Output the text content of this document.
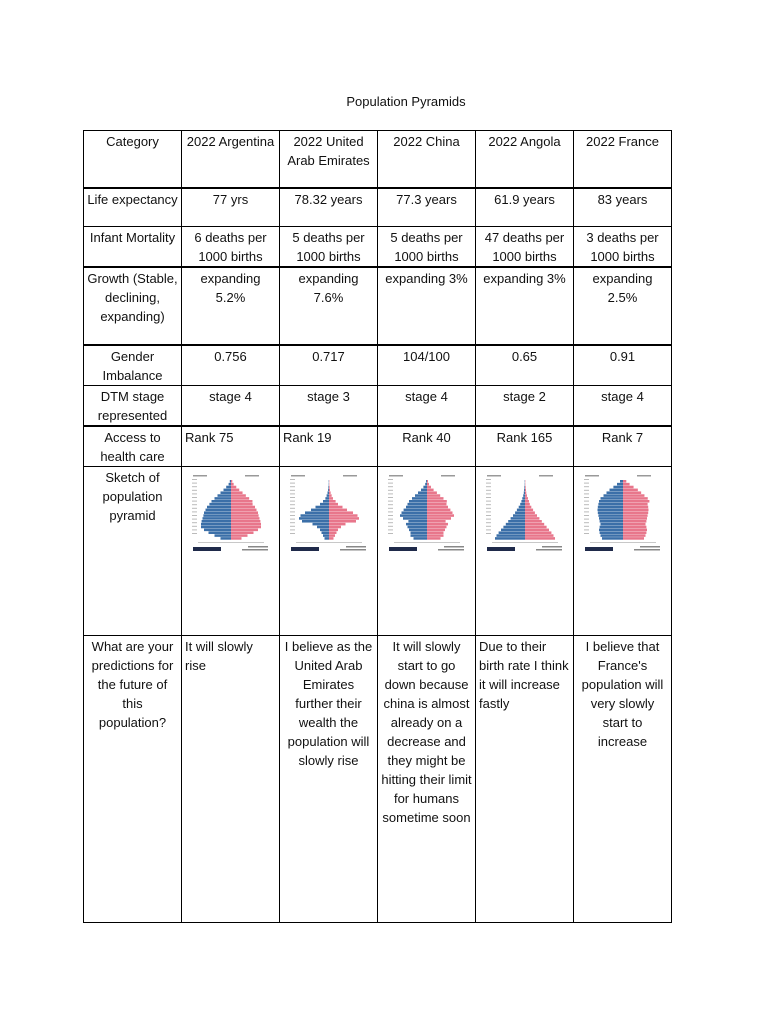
Population Pyramids
Category	2022 Argentina	2022 United Arab Emirates	2022 China	2022 Angola	2022 France
Life expectancy	77 yrs	78.32 years	77.3 years	61.9 years	83 years
Infant Mortality	6 deaths per 1000 births	5 deaths per 1000 births	5 deaths per 1000 births	47 deaths per 1000 births	3 deaths per 1000 births
Growth (Stable, declining, expanding)	expanding 5.2%	expanding 7.6%	expanding 3%	expanding 3%	expanding 2.5%
Gender Imbalance	0.756	0.717	104/100	0.65	0.91
DTM stage represented	stage 4	stage 3	stage 4	stage 2	stage 4
Access to health care	Rank 75	Rank 19	Rank 40	Rank 165	Rank 7
Sketch of population pyramid	

What are your predictions for the future of this population?	It will slowly rise	I believe as the United Arab Emirates further their wealth the population will slowly rise	It will slowly start to go down because china is almost already on a decrease and they might be hitting their limit for humans sometime soon	Due to their birth rate I think it will increase fastly	I believe that France's population will very slowly start to increase
